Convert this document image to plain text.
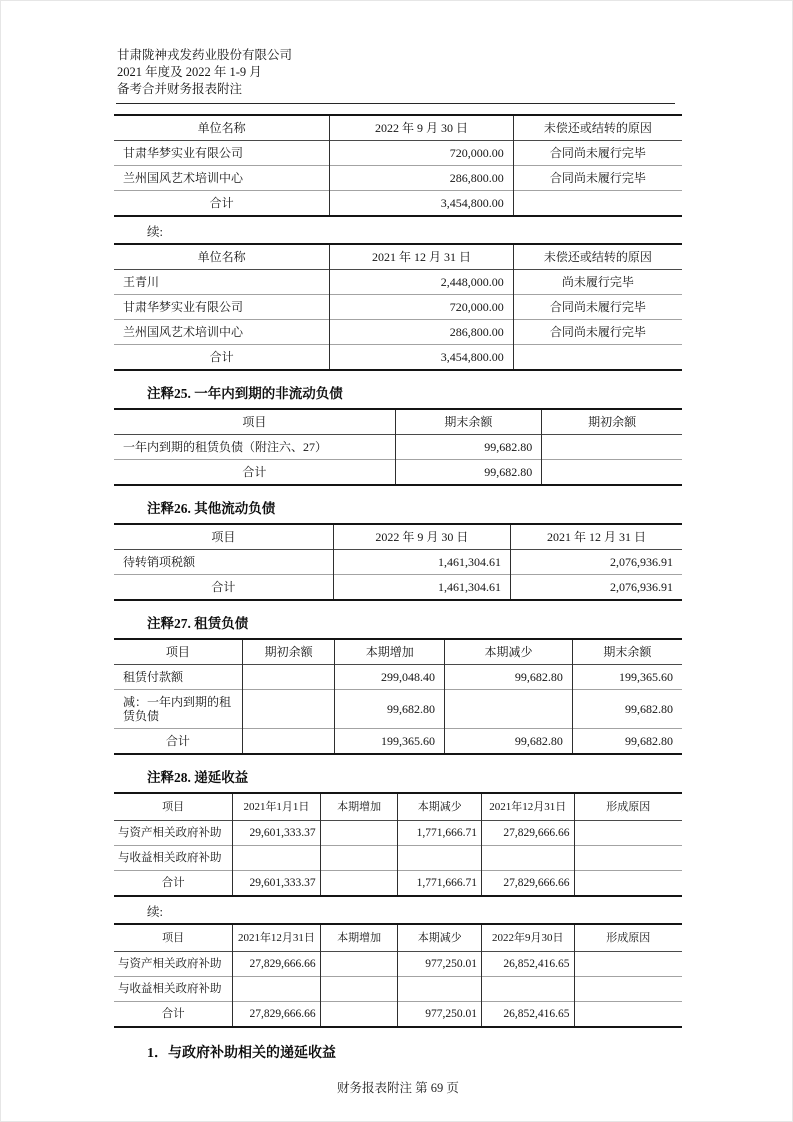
甘肃陇神戎发药业股份有限公司
2021 年度及 2022 年 1-9 月
备考合并财务报表附注
单位名称	2022 年 9 月 30 日	未偿还或结转的原因
甘肃华梦实业有限公司	720,000.00	合同尚未履行完毕
兰州国风艺术培训中心	286,800.00	合同尚未履行完毕
合计	3,454,800.00	

续:

单位名称	2021 年 12 月 31 日	未偿还或结转的原因
王青川	2,448,000.00	尚未履行完毕
甘肃华梦实业有限公司	720,000.00	合同尚未履行完毕
兰州国风艺术培训中心	286,800.00	合同尚未履行完毕
合计	3,454,800.00	
注释25. 一年内到期的非流动负债
项目	期末余额	期初余额
一年内到期的租赁负债（附注六、27）	99,682.80	
合计	99,682.80	
注释26. 其他流动负债
项目	2022 年 9 月 30 日	2021 年 12 月 31 日
待转销项税额	1,461,304.61	2,076,936.91
合计	1,461,304.61	2,076,936.91
注释27. 租赁负债
项目	期初余额	本期增加	本期减少	期末余额
租赁付款额		299,048.40	99,682.80	199,365.60
减：一年内到期的租赁负债		99,682.80		99,682.80
合计		199,365.60	99,682.80	99,682.80
注释28. 递延收益
项目	2021年1月1日	本期增加	本期减少	2021年12月31日	形成原因
与资产相关政府补助	29,601,333.37		1,771,666.71	27,829,666.66	
与收益相关政府补助					
合计	29,601,333.37		1,771,666.71	27,829,666.66	

续:

项目	2021年12月31日	本期增加	本期减少	2022年9月30日	形成原因
与资产相关政府补助	27,829,666.66		977,250.01	26,852,416.65	
与收益相关政府补助					
合计	27,829,666.66		977,250.01	26,852,416.65	
1．与政府补助相关的递延收益
财务报表附注 第 69 页
